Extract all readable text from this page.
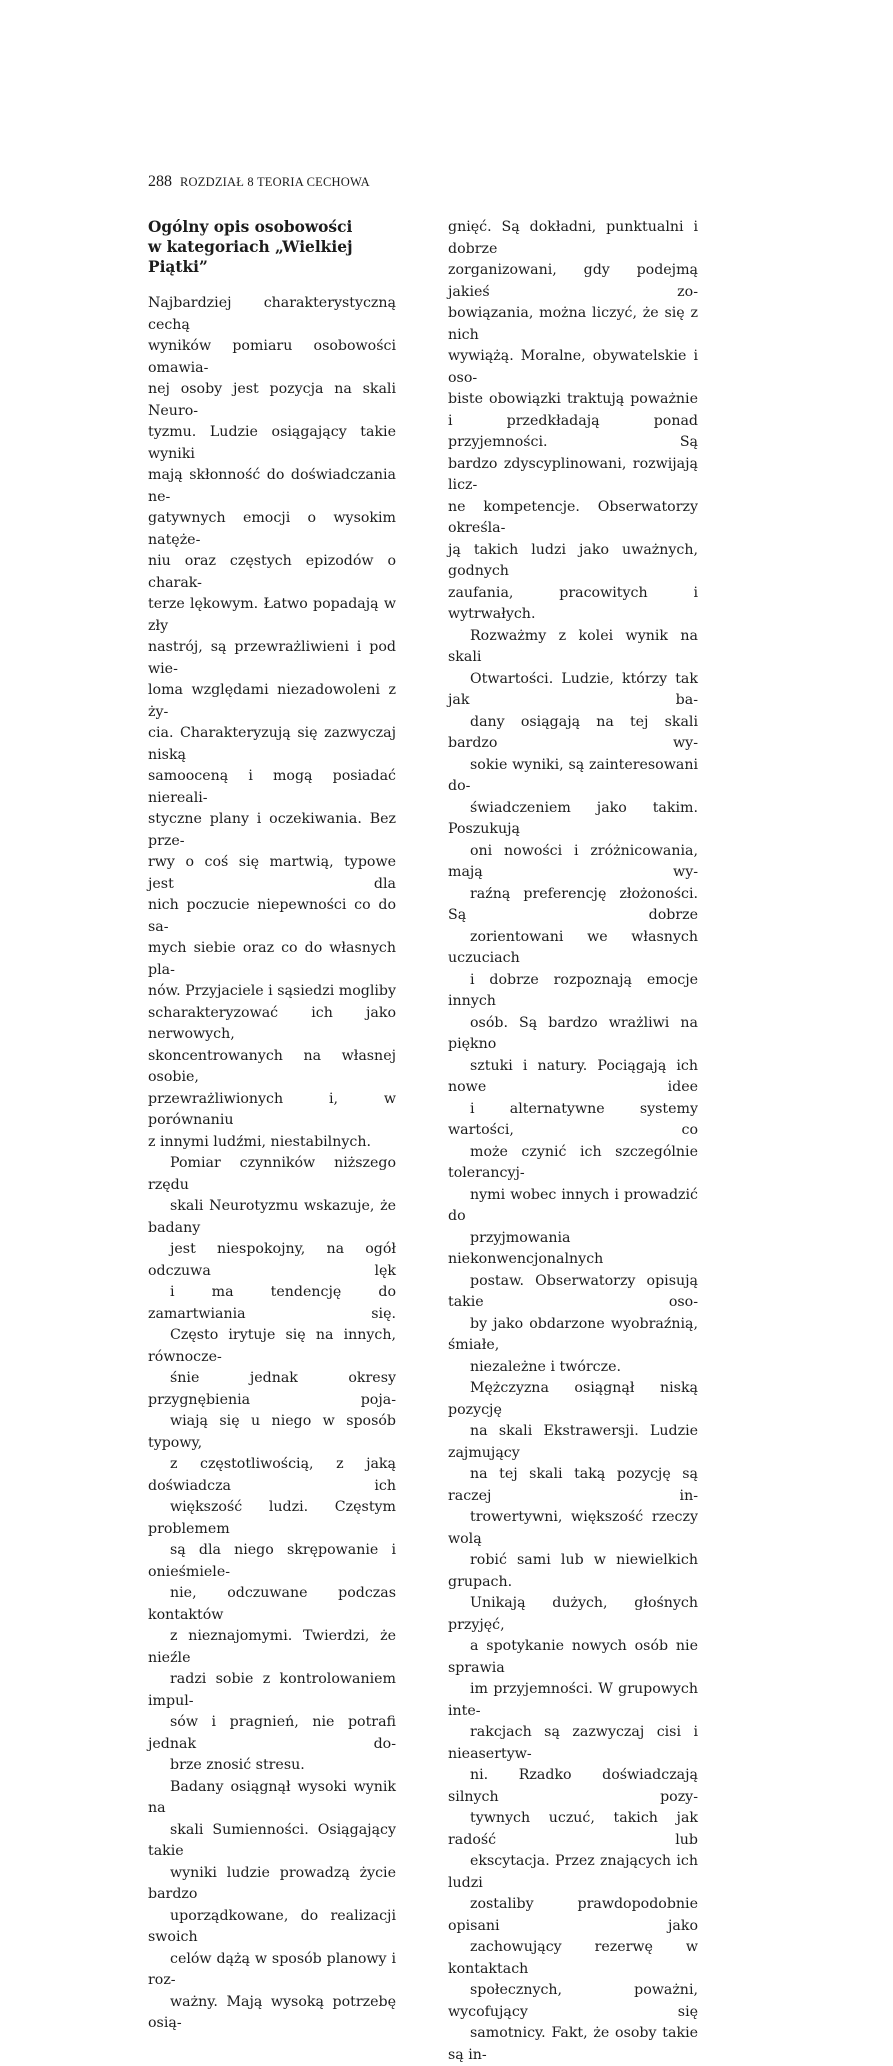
288 ROZDZIAŁ 8 TEORIA CECHOWA
Ogólny opis osobowości
w kategoriach „Wielkiej Piątki”

Najbardziej charakterystyczną cechą
wyników pomiaru osobowości omawia-
nej osoby jest pozycja na skali Neuro-
tyzmu. Ludzie osiągający takie wyniki
mają skłonność do doświadczania ne-
gatywnych emocji o wysokim natęże-
niu oraz częstych epizodów o charak-
terze lękowym. Łatwo popadają w zły
nastrój, są przewrażliwieni i pod wie-
loma względami niezadowoleni z ży-
cia. Charakteryzują się zazwyczaj niską
samooceną i mogą posiadać niereali-
styczne plany i oczekiwania. Bez prze-
rwy o coś się martwią, typowe jest dla
nich poczucie niepewności co do sa-
mych siebie oraz co do własnych pla-
nów. Przyjaciele i sąsiedzi mogliby
scharakteryzować ich jako nerwowych,
skoncentrowanych na własnej osobie,
przewrażliwionych i, w porównaniu
z innymi ludźmi, niestabilnych.

Pomiar czynników niższego rzędu
skali Neurotyzmu wskazuje, że badany
jest niespokojny, na ogół odczuwa lęk
i ma tendencję do zamartwiania się.
Często irytuje się na innych, równocze-
śnie jednak okresy przygnębienia poja-
wiają się u niego w sposób typowy,
z częstotliwością, z jaką doświadcza ich
większość ludzi. Częstym problemem
są dla niego skrępowanie i onieśmiele-
nie, odczuwane podczas kontaktów
z nieznajomymi. Twierdzi, że nieźle
radzi sobie z kontrolowaniem impul-
sów i pragnień, nie potrafi jednak do-
brze znosić stresu.

Badany osiągnął wysoki wynik na
skali Sumienności. Osiągający takie
wyniki ludzie prowadzą życie bardzo
uporządkowane, do realizacji swoich
celów dążą w sposób planowy i roz-
ważny. Mają wysoką potrzebę osią-

gnięć. Są dokładni, punktualni i dobrze
zorganizowani, gdy podejmą jakieś zo-
bowiązania, można liczyć, że się z nich
wywiążą. Moralne, obywatelskie i oso-
biste obowiązki traktują poważnie
i przedkładają ponad przyjemności. Są
bardzo zdyscyplinowani, rozwijają licz-
ne kompetencje. Obserwatorzy określa-
ją takich ludzi jako uważnych, godnych
zaufania, pracowitych i wytrwałych.

Rozważmy z kolei wynik na skali
Otwartości. Ludzie, którzy tak jak ba-
dany osiągają na tej skali bardzo wy-
sokie wyniki, są zainteresowani do-
świadczeniem jako takim. Poszukują
oni nowości i zróżnicowania, mają wy-
raźną preferencję złożoności. Są dobrze
zorientowani we własnych uczuciach
i dobrze rozpoznają emocje innych
osób. Są bardzo wrażliwi na piękno
sztuki i natury. Pociągają ich nowe idee
i alternatywne systemy wartości, co
może czynić ich szczególnie tolerancyj-
nymi wobec innych i prowadzić do
przyjmowania niekonwencjonalnych
postaw. Obserwatorzy opisują takie oso-
by jako obdarzone wyobraźnią, śmiałe,
niezależne i twórcze.

Mężczyzna osiągnął niską pozycję
na skali Ekstrawersji. Ludzie zajmujący
na tej skali taką pozycję są raczej in-
trowertywni, większość rzeczy wolą
robić sami lub w niewielkich grupach.
Unikają dużych, głośnych przyjęć,
a spotykanie nowych osób nie sprawia
im przyjemności. W grupowych inte-
rakcjach są zazwyczaj cisi i nieasertyw-
ni. Rzadko doświadczają silnych pozy-
tywnych uczuć, takich jak radość lub
ekscytacja. Przez znających ich ludzi
zostaliby prawdopodobnie opisani jako
zachowujący rezerwę w kontaktach
społecznych, poważni, wycofujący się
samotnicy. Fakt, że osoby takie są in-
